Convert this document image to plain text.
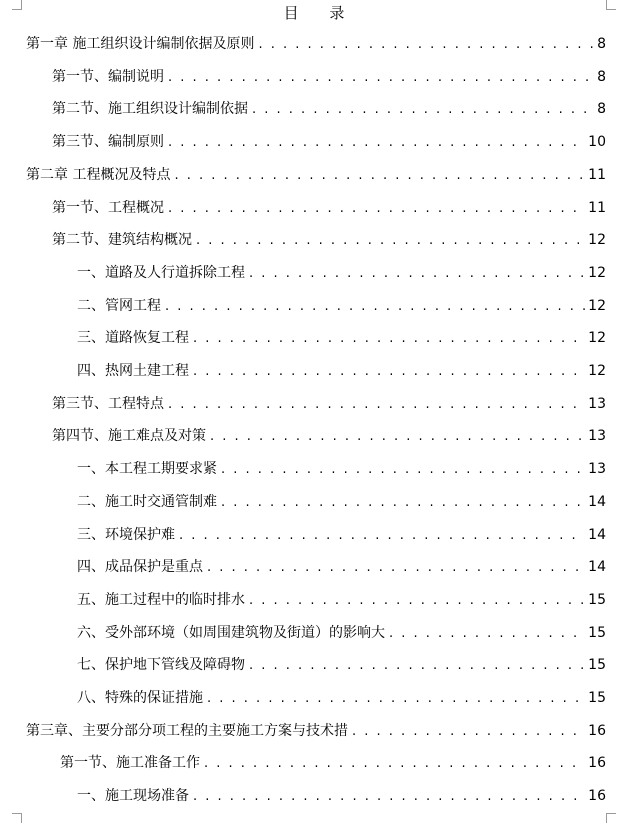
目 录
第一章 施工组织设计编制依据及原则 . . .	8
第一节、编制说明 . . .	8
第二节、施工组织设计编制依据 . . .	8
第三节、编制原则 . . .	10
第二章 工程概况及特点 . . .	11
第一节、工程概况 . . .	11
第二节、建筑结构概况 . . .	12
一、道路及人行道拆除工程 . . .	12
二、管网工程 . . .	12
三、道路恢复工程 . . .	12
四、热网土建工程 . . .	12
第三节、工程特点 . . .	13
第四节、施工难点及对策 . . .	13
一、本工程工期要求紧 . . .	13
二、施工时交通管制难 . . .	14
三、环境保护难 . . .	14
四、成品保护是重点 . . .	14
五、施工过程中的临时排水 . . .	15
六、受外部环境（如周围建筑物及街道）的影响大 . . .	15
七、保护地下管线及障碍物 . . .	15
八、特殊的保证措施 . . .	15
第三章、主要分部分项工程的主要施工方案与技术措 . . .	16
第一节、施工准备工作 . . .	16
一、施工现场准备 . . .	16
